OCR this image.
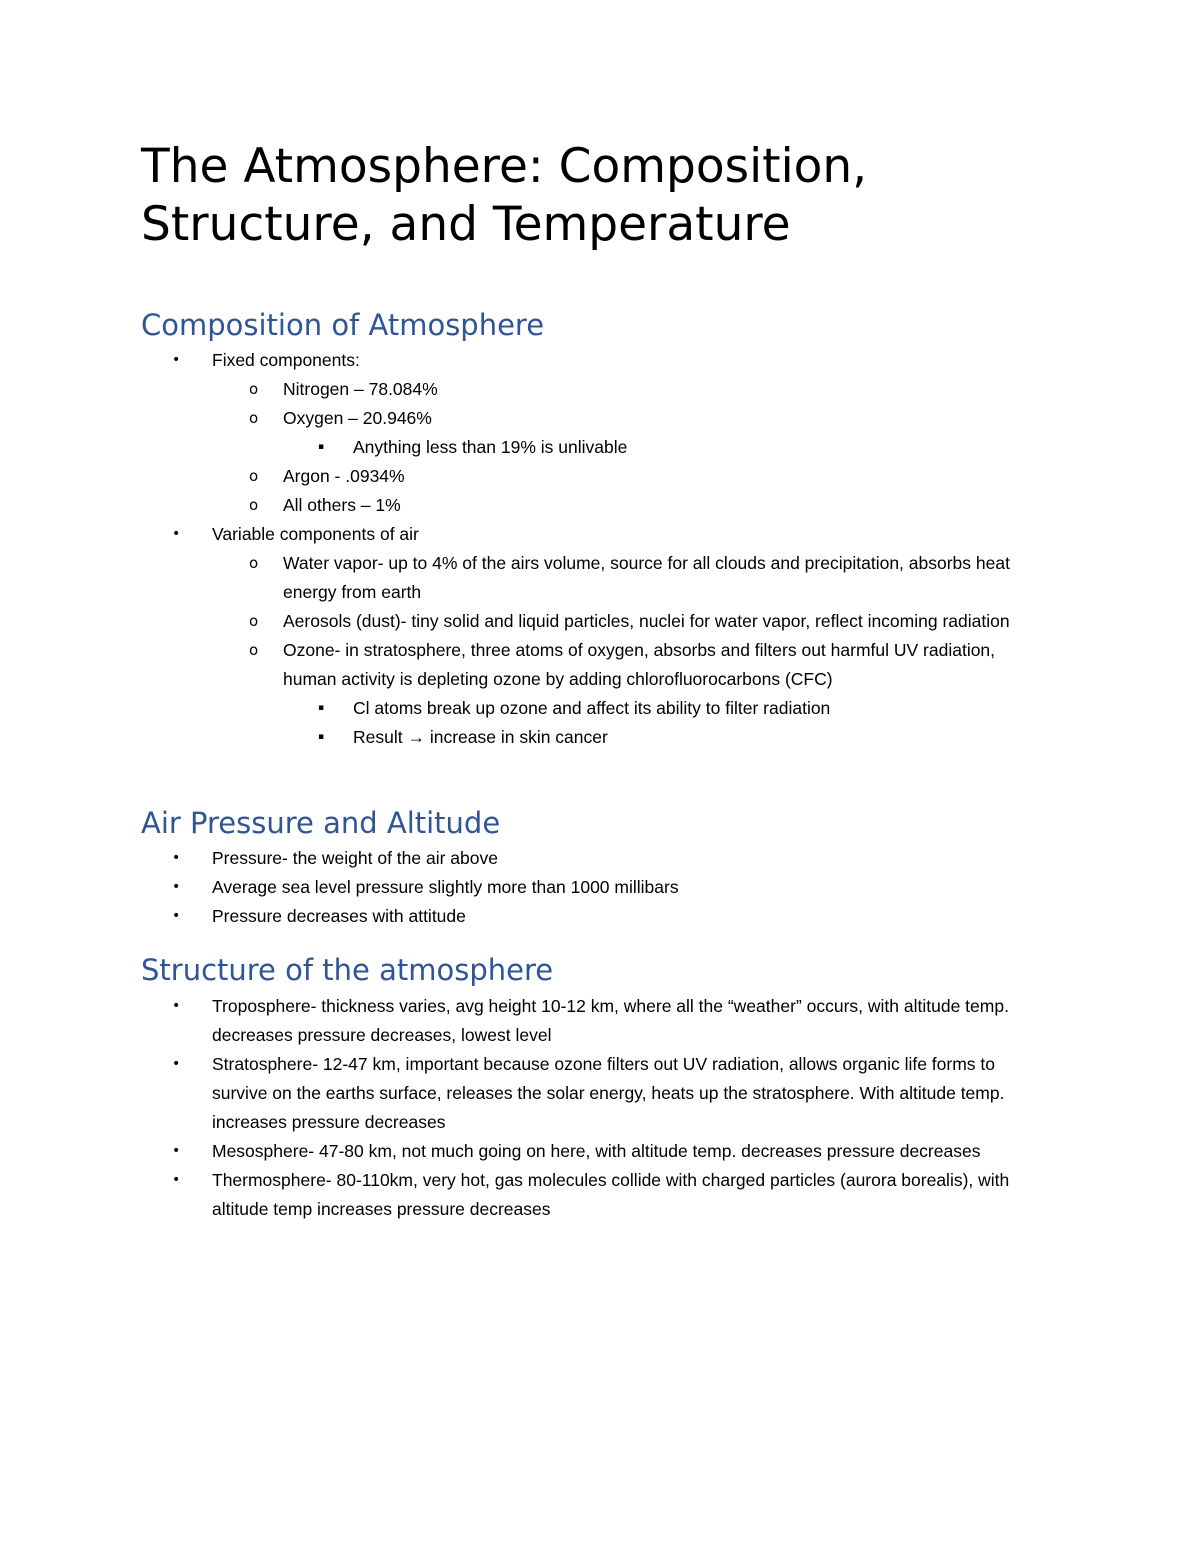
The Atmosphere: Composition, Structure, and Temperature
Composition of Atmosphere
• Fixed components:
o Nitrogen – 78.084%
o Oxygen – 20.946%
▪ Anything less than 19% is unlivable
o Argon - .0934%
o All others – 1%
• Variable components of air
o Water vapor- up to 4% of the airs volume, source for all clouds and precipitation, absorbs heat energy from earth
o Aerosols (dust)- tiny solid and liquid particles, nuclei for water vapor, reflect incoming radiation
o Ozone- in stratosphere, three atoms of oxygen, absorbs and filters out harmful UV radiation, human activity is depleting ozone by adding chlorofluorocarbons (CFC)
▪ Cl atoms break up ozone and affect its ability to filter radiation
▪ Result → increase in skin cancer
Air Pressure and Altitude
• Pressure- the weight of the air above
• Average sea level pressure slightly more than 1000 millibars
• Pressure decreases with attitude
Structure of the atmosphere
• Troposphere- thickness varies, avg height 10-12 km, where all the “weather” occurs, with altitude temp. decreases pressure decreases, lowest level
• Stratosphere- 12-47 km, important because ozone filters out UV radiation, allows organic life forms to survive on the earths surface, releases the solar energy, heats up the stratosphere. With altitude temp. increases pressure decreases
• Mesosphere- 47-80 km, not much going on here, with altitude temp. decreases pressure decreases
• Thermosphere- 80-110km, very hot, gas molecules collide with charged particles (aurora borealis), with altitude temp increases pressure decreases
